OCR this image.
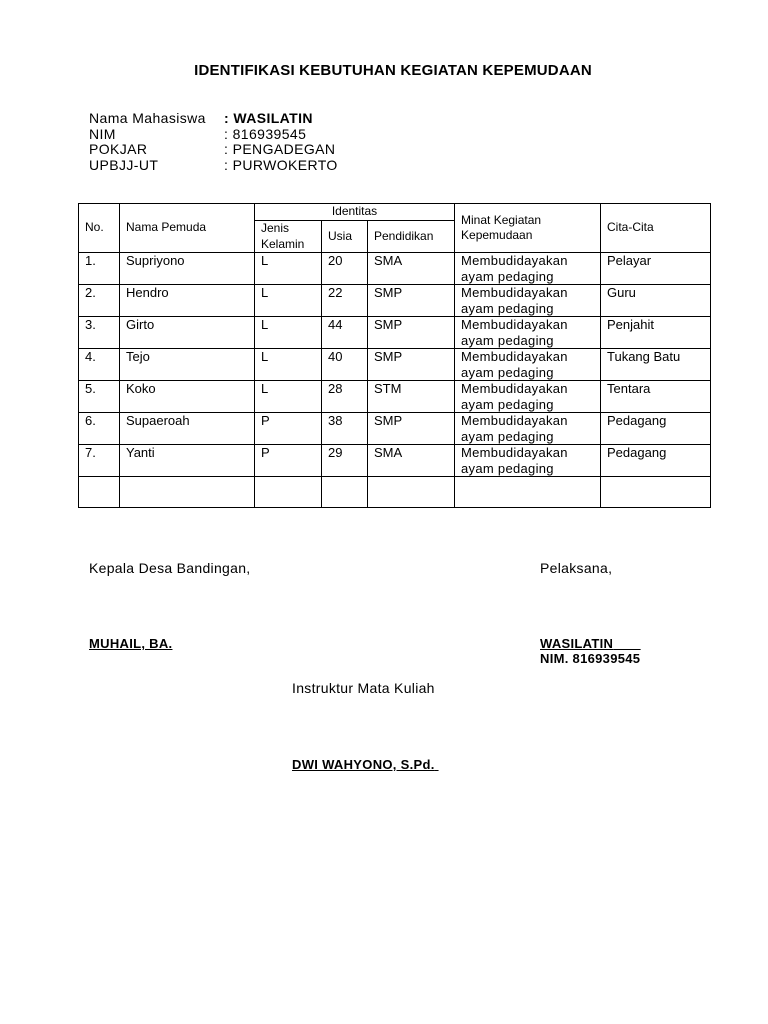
IDENTIFIKASI KEBUTUHAN KEGIATAN KEPEMUDAAN
Nama Mahasiswa	: WASILATIN
NIM	: 816939545
POKJAR	: PENGADEGAN
UPBJJ-UT	: PURWOKERTO
No.	Nama Pemuda	Identitas			Minat Kegiatan Kepemudaan	Cita-Cita
		Jenis Kelamin	Usia	Pendidikan		
1.	Supriyono	L	20	SMA	Membudidayakan ayam pedaging	Pelayar
2.	Hendro	L	22	SMP	Membudidayakan ayam pedaging	Guru
3.	Girto	L	44	SMP	Membudidayakan ayam pedaging	Penjahit
4.	Tejo	L	40	SMP	Membudidayakan ayam pedaging	Tukang Batu
5.	Koko	L	28	STM	Membudidayakan ayam pedaging	Tentara
6.	Supaeroah	P	38	SMP	Membudidayakan ayam pedaging	Pedagang
7.	Yanti	P	29	SMA	Membudidayakan ayam pedaging	Pedagang

Kepala Desa Bandingan,	Pelaksana,
MUHAIL, BA.	WASILATIN
NIM. 816939545
Instruktur Mata Kuliah
DWI WAHYONO, S.Pd.
